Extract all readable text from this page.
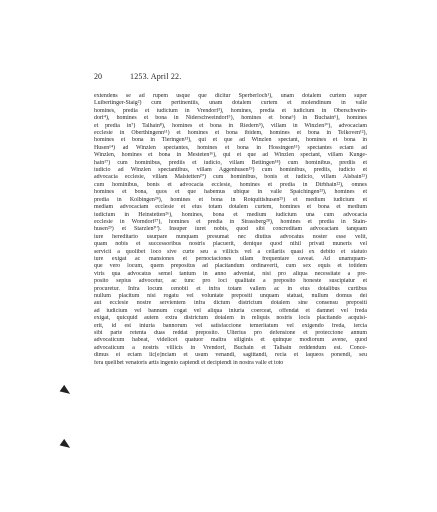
20	1253. April 22.
extendens se ad rupem usque que dicitur Sperberloch¹), unam dotalem curtem super
Luibertinger-Staig²) cum pertinentiis, unam dotalem curtem et molendinum in valle
homines, predia et iudicium in Vrendorf³), homines, predia et iudicium in Oberschwein-
dorf⁴), homines et bona in Niderschweindorf⁵), homines et bona⁶) in Buchain⁶), homines
et predia in⁷) Talhain⁸), homines et bona in Riedern⁹), villam in Winzlen¹⁰), advocaciam
ecclesie in Oberthingenn¹¹) et homines et bona ibidem, homines et bona in Telkoven¹²),
homines et bona in Tieringen¹³), qui et que ad Winzlen spectant, homines et bona in
Husen¹⁴) ad Winzlen spectantes, homines et bona in Hossingen¹⁵) spectantes eciam ad
Winzlen, homines et bona in Mesteten¹⁶), qui et que ad Winzlen spectant, villam Kunge-
hain¹⁷) cum hominibus, prediis et iudicio, villam Bettingen¹⁸) cum hominibus, prediis et
iudicio ad Winzlen spectantibus, villam Aggenhusen¹⁹) cum hominibus, prediis, iudicio et
advocacia ecclesie, villam Malstetten²⁰) cum hominibus, bonis et iudicio, villam Alsbain²¹)
cum hominibus, bonis et advocacia ecclesie, homines et predia in Dirbhain²²), omnes
homines et bona, quos et que habemus ubique in valle Spaichingen²³), homines et
predia in Kolbingen²⁴), homines et bona in Rotquitishusen²⁵) et medium iudicium et
mediam advocaciam ecclesie et eius totam dotalem curtem, homines et bona et medium
iudicium in Heinstetten²⁶), homines, bona et medium iudicium una cum advocacia
ecclesie in Worndorf²⁷), homines et predia in Strassberg²⁸), homines et predia in Stain-
husen²⁹) et Starzlen³⁰). Insuper iuret nobis, quod sibi concreditam advocaciam tanquam
iure hereditario usurpare nunquam presumat nec diutius advocatus noster esse velit,
quam nobis et successoribus nostris placuerit, denique quod nihil privati muneris vel
servicii a quolibet loco sive curte seu a villicis vel a cellariis quasi ex debito et statuto
iure exigat ac mansiones et pernoctaciones ullam frequentare caveat. Ad unamquam-
que vero locum, quem prepositus ad placitandum ordinaverit, cum sex equis et totidem
viris qua advocatus semel tantum in anno adveniat, nisi pro aliqua necessitate a pre-
posito sepius advocetur, ac tunc pro loci qualitate a preposito honeste suscipiatur et
procuretur. Infra locum cenobii et infra totam vallem ac in eius dotalibus curtibus
nullum placitum nisi rogatu vel voluntate prepositi unquam statuat, nullum domus dei
aut ecclesie nostre servientem infra dictum districtum dotalem sine consensu prepositi
ad iudicium vel bannum cogat vel aliqua iniuria coerceat, offendat et damnet vel freda
exigat, quicquid autem extra districtum dotalem in reliquis nostris locis placitando acquisi-
erit, id est iniuria bannorum vel satisfaccione temeritatum vel exigendo freda, tercia
sibi parte retenta duas reddat preposito. Ulterius pro defensione et proteccione annum
advocaticum habeat, videlicet quatuor maltra siliginis et quinque modiorum avene, quod
advocaticum a nostris villicis in Vrendorf, Buchain et Talhain reddendum est. Conce-
dimus ei eciam lic[e]nciam et usum venandi, sagittandi, recia et laqueos ponendi, seu
fera quelibet venatoris artis ingenio capiendi et decipiendi in nostra valle et toto
